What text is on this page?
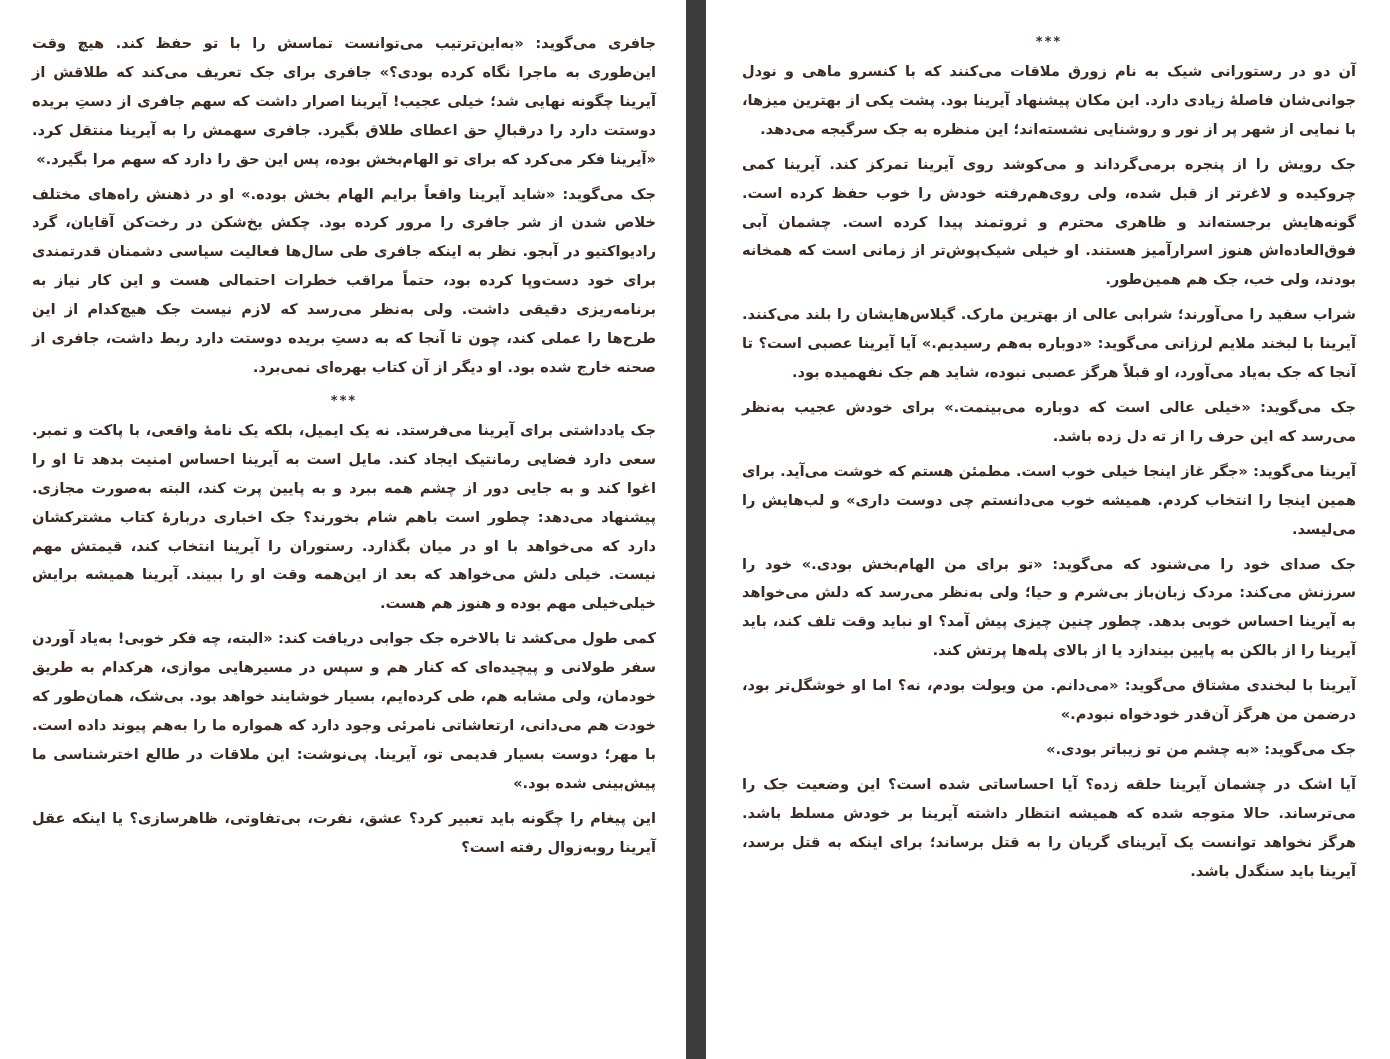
جافری می‌گوید: «به‌این‌ترتیب می‌توانست تماسش را با تو حفظ کند. هیچ وقت این‌طوری به ماجرا نگاه کرده بودی؟» جافری برای جک تعریف می‌کند که طلاقش از آیرینا چگونه نهایی شد؛ خیلی عجیب! آیرینا اصرار داشت که سهم جافری از دستِ بریده دوستت دارد را درقبالِ حق اعطای طلاق بگیرد. جافری سهمش را به آیرینا منتقل کرد. «آیرینا فکر می‌کرد که برای تو الهام‌بخش بوده، پس این حق را دارد که سهم مرا بگیرد.»

جک می‌گوید: «شاید آیرینا واقعاً برایم الهام بخش بوده.» او در ذهنش راه‌های مختلف خلاص شدن از شر جافری را مرور کرده بود. چکش یخ‌شکن در رخت‌کن آقایان، گرد رادیواکتیو در آبجو. نظر به اینکه جافری طی سال‌ها فعالیت سیاسی دشمنان قدرتمندی برای خود دست‌وپا کرده بود، حتماً مراقب خطرات احتمالی هست و این کار نیاز به برنامه‌ریزی دقیقی داشت. ولی به‌نظر می‌رسد که لازم نیست جک هیچ‌کدام از این طرح‌ها را عملی کند، چون تا آنجا که به دستِ بریده دوستت دارد ربط داشت، جافری از صحنه خارج شده بود. او دیگر از آن کتاب بهره‌ای نمی‌برد.

***

جک یادداشتی برای آیرینا می‌فرستد. نه یک ایمیل، بلکه یک نامهٔ واقعی، با پاکت و تمبر. سعی دارد فضایی رمانتیک ایجاد کند. مایل است به آیرینا احساس امنیت بدهد تا او را اغوا کند و به جایی دور از چشم همه ببرد و به پایین پرت کند، البته به‌صورت مجازی. پیشنهاد می‌دهد: چطور است باهم شام بخورند؟ جک اخباری دربارهٔ کتاب مشترکشان دارد که می‌خواهد با او در میان بگذارد. رستوران را آیرینا انتخاب کند، قیمتش مهم نیست. خیلی دلش می‌خواهد که بعد از این‌همه وقت او را ببیند. آیرینا همیشه برایش خیلی‌خیلی مهم بوده و هنوز هم هست.

کمی طول می‌کشد تا بالاخره جک جوابی دریافت کند: «البته، چه فکر خوبی! به‌یاد آوردن سفر طولانی و پیچیده‌ای که کنار هم و سپس در مسیرهایی موازی، هرکدام به طریق خودمان، ولی مشابه هم، طی کرده‌ایم، بسیار خوشایند خواهد بود. بی‌شک، همان‌طور که خودت هم می‌دانی، ارتعاشاتی نامرئی وجود دارد که همواره ما را به‌هم پیوند داده است. با مهر؛ دوست بسیار قدیمی تو، آیرینا. پی‌نوشت: این ملاقات در طالع اخترشناسی ما پیش‌بینی شده بود.»

این پیغام را چگونه باید تعبیر کرد؟ عشق، نفرت، بی‌تفاوتی، ظاهرسازی؟ یا اینکه عقل آیرینا روبه‌زوال رفته است؟

***

آن دو در رستورانی شیک به نام زورق ملاقات می‌کنند که با کنسرو ماهی و نودل جوانی‌شان فاصلهٔ زیادی دارد. این مکان پیشنهاد آیرینا بود. پشت یکی از بهترین میزها، با نمایی از شهر پر از نور و روشنایی نشسته‌اند؛ این منظره به جک سرگیجه می‌دهد.

جک رویش را از پنجره برمی‌گرداند و می‌کوشد روی آیرینا تمرکز کند. آیرینا کمی چروکیده و لاغرتر از قبل شده، ولی روی‌هم‌رفته خودش را خوب حفظ کرده است. گونه‌هایش برجسته‌اند و ظاهری محترم و ثروتمند پیدا کرده است. چشمان آبی فوق‌العاده‌اش هنوز اسرارآمیز هستند. او خیلی شیک‌پوش‌تر از زمانی است که همخانه بودند، ولی خب، جک هم همین‌طور.

شراب سفید را می‌آورند؛ شرابی عالی از بهترین مارک. گیلاس‌هایشان را بلند می‌کنند. آیرینا با لبخند ملایم لرزانی می‌گوید: «دوباره به‌هم رسیدیم.» آیا آیرینا عصبی است؟ تا آنجا که جک به‌یاد می‌آورد، او قبلاً هرگز عصبی نبوده، شاید هم جک نفهمیده بود.

جک می‌گوید: «خیلی عالی است که دوباره می‌بینمت.» برای خودش عجیب به‌نظر می‌رسد که این حرف را از ته دل زده باشد.

آیرینا می‌گوید: «جگر غاز اینجا خیلی خوب است. مطمئن هستم که خوشت می‌آید. برای همین اینجا را انتخاب کردم. همیشه خوب می‌دانستم چی دوست داری» و لب‌هایش را می‌لیسد.

جک صدای خود را می‌شنود که می‌گوید: «تو برای من الهام‌بخش بودی.» خود را سرزنش می‌کند: مردک زبان‌باز بی‌شرم و حیا؛ ولی به‌نظر می‌رسد که دلش می‌خواهد به آیرینا احساس خوبی بدهد. چطور چنین چیزی پیش آمد؟ او نباید وقت تلف کند، باید آیرینا را از بالکن به پایین بیندازد یا از بالای پله‌ها پرتش کند.

آیرینا با لبخندی مشتاق می‌گوید: «می‌دانم. من ویولت بودم، نه؟ اما او خوشگل‌تر بود، درضمن من هرگز آن‌قدر خودخواه نبودم.»

جک می‌گوید: «به چشم من تو زیباتر بودی.»

آیا اشک در چشمان آیرینا حلقه زده؟ آیا احساساتی شده است؟ این وضعیت جک را می‌ترساند. حالا متوجه شده که همیشه انتظار داشته آیرینا بر خودش مسلط باشد. هرگز نخواهد توانست یک آیرینای گریان را به قتل برساند؛ برای اینکه به قتل برسد، آیرینا باید سنگدل باشد.
